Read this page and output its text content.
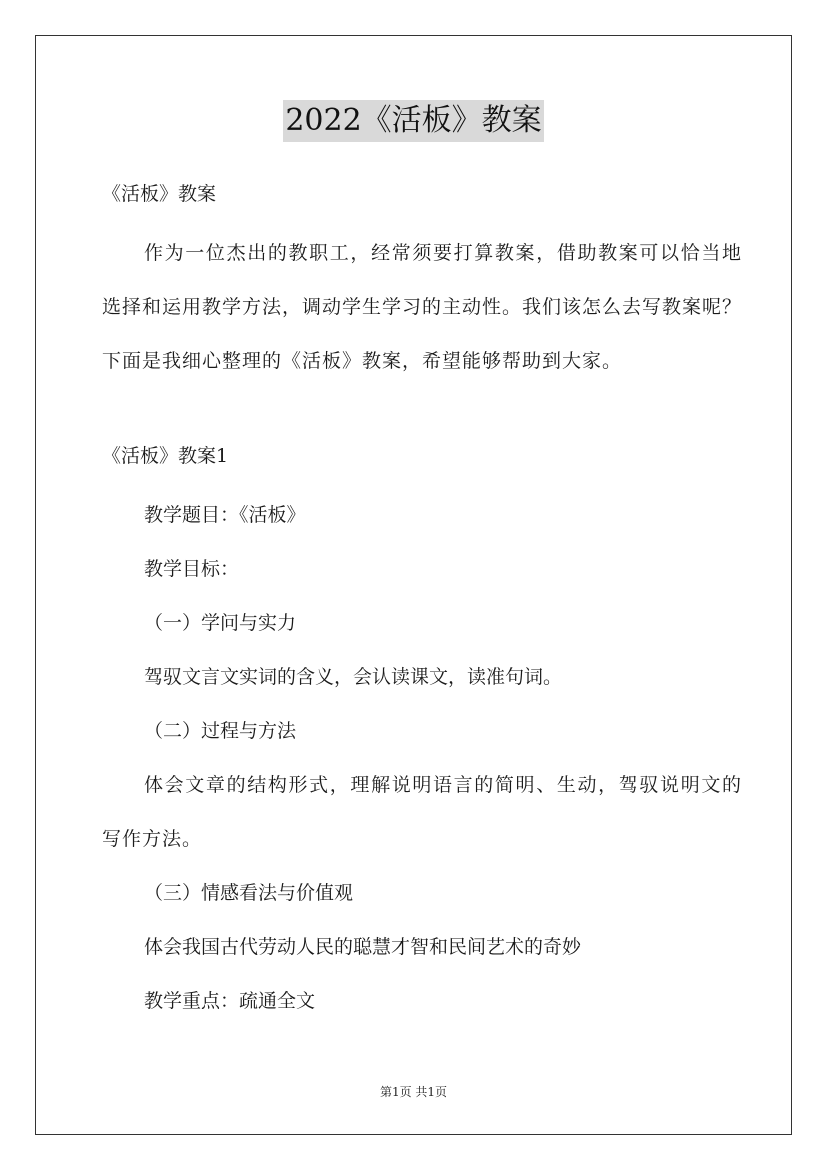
2022《活板》教案

《活板》教案

作为一位杰出的教职工，经常须要打算教案，借助教案可以恰当地选择和运用教学方法，调动学生学习的主动性。我们该怎么去写教案呢？下面是我细心整理的《活板》教案，希望能够帮助到大家。

《活板》教案1

教学题目：《活板》

教学目标：

（一）学问与实力

驾驭文言文实词的含义，会认读课文，读准句词。

（二）过程与方法

体会文章的结构形式，理解说明语言的简明、生动，驾驭说明文的写作方法。

（三）情感看法与价值观

体会我国古代劳动人民的聪慧才智和民间艺术的奇妙

教学重点：疏通全文

第1页 共1页
